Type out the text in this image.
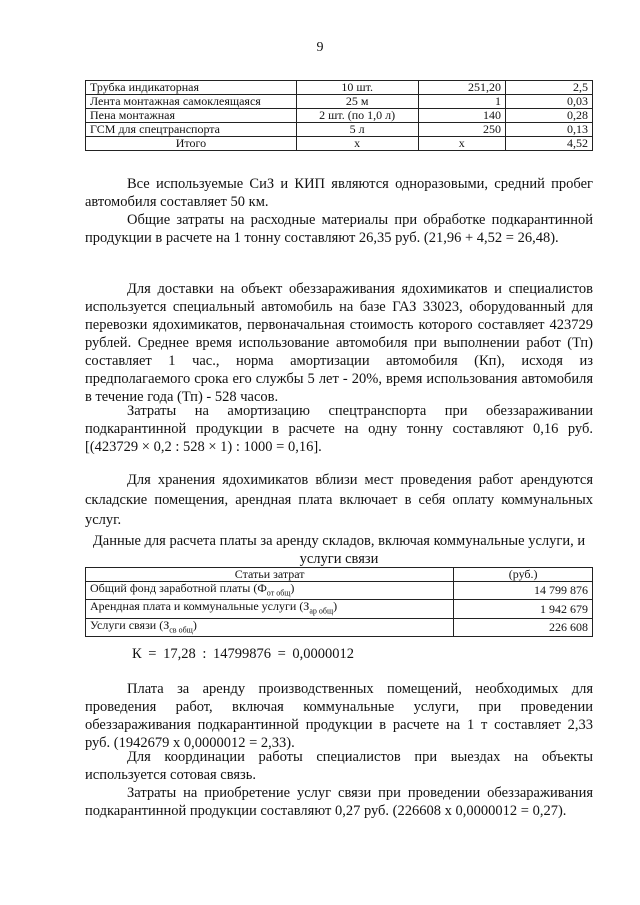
9
Трубка индикаторная	10 шт.	251,20	2,5
Лента монтажная самоклеящаяся	25 м	1	0,03
Пена монтажная	2 шт. (по 1,0 л)	140	0,28
ГСМ для спецтранспорта	5 л	250	0,13
Итого	х	х	4,52
Все используемые СиЗ и КИП являются одноразовыми, средний пробег автомобиля составляет 50 км.
Общие затраты на расходные материалы при обработке подкарантинной продукции в расчете на 1 тонну составляют 26,35 руб. (21,96 + 4,52 = 26,48).
Для доставки на объект обеззараживания ядохимикатов и специалистов используется специальный автомобиль на базе ГАЗ 33023, оборудованный для перевозки ядохимикатов, первоначальная стоимость которого составляет 423729 рублей. Среднее время использование автомобиля при выполнении работ (Тп) составляет 1 час., норма амортизации автомобиля (Кп), исходя из предполагаемого срока его службы 5 лет - 20%, время использования автомобиля в течение года (Тп) - 528 часов.
Затраты на амортизацию спецтранспорта при обеззараживании подкарантинной продукции в расчете на одну тонну составляют 0,16 руб. [(423729 × 0,2 : 528 × 1) : 1000 = 0,16].
Для хранения ядохимикатов вблизи мест проведения работ арендуются складские помещения, арендная плата включает в себя оплату коммунальных услуг.
Данные для расчета платы за аренду складов, включая коммунальные услуги, и услуги связи
Статьи затрат	(руб.)
Общий фонд заработной платы $(Ф_{от общ})$	14 799 876
Арендная плата и коммунальные услуги $(З_{ар общ})$	1 942 679
Услуги связи $(З_{св общ})$	226 608
К = 17,28 : 14799876 = 0,0000012
Плата за аренду производственных помещений, необходимых для проведения работ, включая коммунальные услуги, при проведении обеззараживания подкарантинной продукции в расчете на 1 т составляет 2,33 руб. (1942679 х 0,0000012 = 2,33).
Для координации работы специалистов при выездах на объекты используется сотовая связь.
Затраты на приобретение услуг связи при проведении обеззараживания подкарантинной продукции составляют 0,27 руб. (226608 х 0,0000012 = 0,27).
